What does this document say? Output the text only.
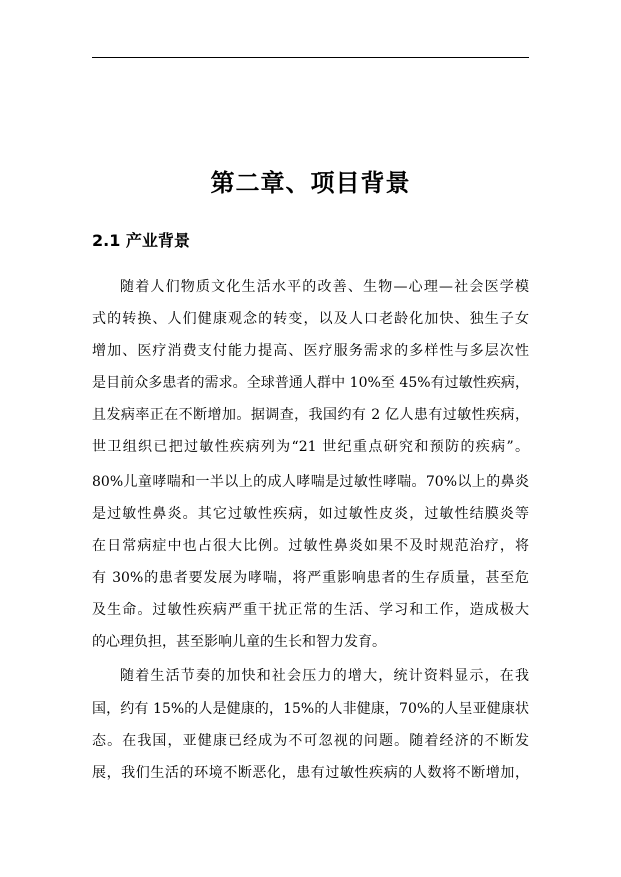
第二章、项目背景
2.1 产业背景
随着人们物质文化生活水平的改善、生物—心理—社会医学模
式的转换、人们健康观念的转变，以及人口老龄化加快、独生子女
增加、医疗消费支付能力提高、医疗服务需求的多样性与多层次性
是目前众多患者的需求。全球普通人群中 10%至 45%有过敏性疾病，
且发病率正在不断增加。据调查，我国约有 2 亿人患有过敏性疾病，
世卫组织已把过敏性疾病列为“21 世纪重点研究和预防的疾病”。
80%儿童哮喘和一半以上的成人哮喘是过敏性哮喘。70%以上的鼻炎
是过敏性鼻炎。其它过敏性疾病，如过敏性皮炎，过敏性结膜炎等
在日常病症中也占很大比例。过敏性鼻炎如果不及时规范治疗，将
有 30%的患者要发展为哮喘，将严重影响患者的生存质量，甚至危
及生命。过敏性疾病严重干扰正常的生活、学习和工作，造成极大
的心理负担，甚至影响儿童的生长和智力发育。
随着生活节奏的加快和社会压力的增大，统计资料显示，在我
国，约有 15%的人是健康的，15%的人非健康，70%的人呈亚健康状
态。在我国，亚健康已经成为不可忽视的问题。随着经济的不断发
展，我们生活的环境不断恶化，患有过敏性疾病的人数将不断增加，
